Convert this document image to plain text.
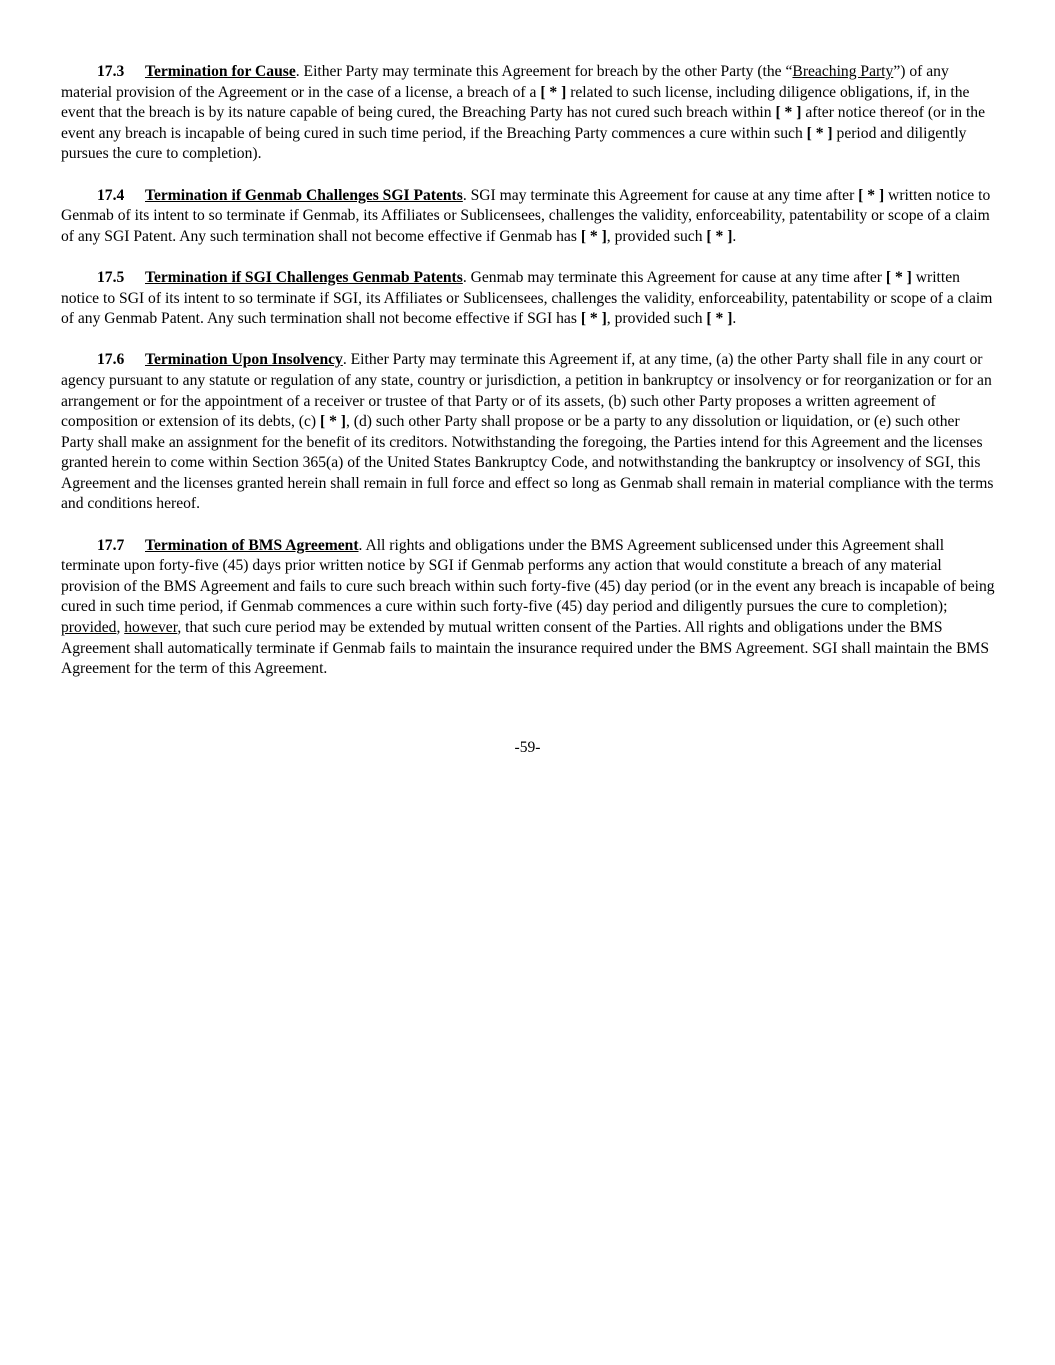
17.3 Termination for Cause. Either Party may terminate this Agreement for breach by the other Party (the “Breaching Party”) of any material provision of the Agreement or in the case of a license, a breach of a [ * ] related to such license, including diligence obligations, if, in the event that the breach is by its nature capable of being cured, the Breaching Party has not cured such breach within [ * ] after notice thereof (or in the event any breach is incapable of being cured in such time period, if the Breaching Party commences a cure within such [ * ] period and diligently pursues the cure to completion).

17.4 Termination if Genmab Challenges SGI Patents. SGI may terminate this Agreement for cause at any time after [ * ] written notice to Genmab of its intent to so terminate if Genmab, its Affiliates or Sublicensees, challenges the validity, enforceability, patentability or scope of a claim of any SGI Patent. Any such termination shall not become effective if Genmab has [ * ], provided such [ * ].

17.5 Termination if SGI Challenges Genmab Patents. Genmab may terminate this Agreement for cause at any time after [ * ] written notice to SGI of its intent to so terminate if SGI, its Affiliates or Sublicensees, challenges the validity, enforceability, patentability or scope of a claim of any Genmab Patent. Any such termination shall not become effective if SGI has [ * ], provided such [ * ].

17.6 Termination Upon Insolvency. Either Party may terminate this Agreement if, at any time, (a) the other Party shall file in any court or agency pursuant to any statute or regulation of any state, country or jurisdiction, a petition in bankruptcy or insolvency or for reorganization or for an arrangement or for the appointment of a receiver or trustee of that Party or of its assets, (b) such other Party proposes a written agreement of composition or extension of its debts, (c) [ * ], (d) such other Party shall propose or be a party to any dissolution or liquidation, or (e) such other Party shall make an assignment for the benefit of its creditors. Notwithstanding the foregoing, the Parties intend for this Agreement and the licenses granted herein to come within Section 365(a) of the United States Bankruptcy Code, and notwithstanding the bankruptcy or insolvency of SGI, this Agreement and the licenses granted herein shall remain in full force and effect so long as Genmab shall remain in material compliance with the terms and conditions hereof.

17.7 Termination of BMS Agreement. All rights and obligations under the BMS Agreement sublicensed under this Agreement shall terminate upon forty-five (45) days prior written notice by SGI if Genmab performs any action that would constitute a breach of any material provision of the BMS Agreement and fails to cure such breach within such forty-five (45) day period (or in the event any breach is incapable of being cured in such time period, if Genmab commences a cure within such forty-five (45) day period and diligently pursues the cure to completion); provided, however, that such cure period may be extended by mutual written consent of the Parties. All rights and obligations under the BMS Agreement shall automatically terminate if Genmab fails to maintain the insurance required under the BMS Agreement. SGI shall maintain the BMS Agreement for the term of this Agreement.

-59-
